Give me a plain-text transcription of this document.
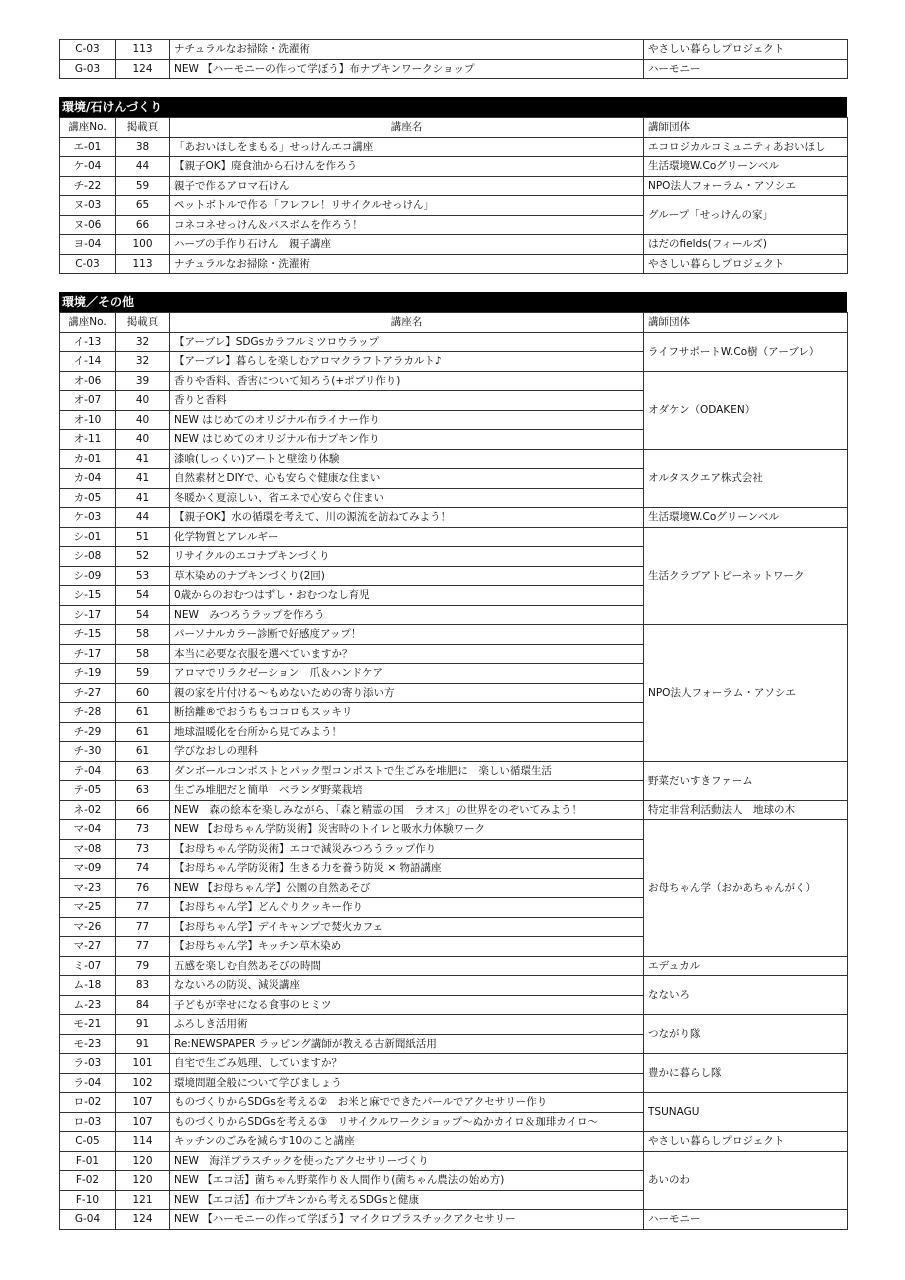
C-03	113	ナチュラルなお掃除・洗濯術	やさしい暮らしプロジェクト
G-03	124	NEW 【ハーモニーの作って学ぼう】布ナプキンワークショップ	ハーモニー
環境/石けんづくり
講座No.	掲載頁	講座名	講師団体
エ-01	38	「あおいほしをまもる」せっけんエコ講座	エコロジカルコミュニティあおいほし
ケ-04	44	【親子OK】廃食油から石けんを作ろう	生活環境W.Coグリーンベル
チ-22	59	親子で作るアロマ石けん	NPO法人フォーラム・アソシエ
ヌ-03	65	ペットボトルで作る「フレフレ！リサイクルせっけん」	グループ「せっけんの家」
ヌ-06	66	コネコネせっけん＆バスボムを作ろう！	
ヨ-04	100	ハーブの手作り石けん　親子講座	はだのfields(フィールズ)
C-03	113	ナチュラルなお掃除・洗濯術	やさしい暮らしプロジェクト
環境／その他
講座No.	掲載頁	講座名	講師団体
イ-13	32	【アーブレ】SDGsカラフルミツロウラップ	ライフサポートW.Co樹（アーブレ）
イ-14	32	【アーブレ】暮らしを楽しむアロマクラフトアラカルト♪	
オ-06	39	香りや香料、香害について知ろう(+ポプリ作り)	オダケン（ODAKEN）
オ-07	40	香りと香料	
オ-10	40	NEW はじめてのオリジナル布ライナー作り	
オ-11	40	NEW はじめてのオリジナル布ナプキン作り	
カ-01	41	漆喰(しっくい)アートと壁塗り体験	オルタスクエア株式会社
カ-04	41	自然素材とDIYで、心も安らぐ健康な住まい	
カ-05	41	冬暖かく夏涼しい、省エネで心安らぐ住まい	
ケ-03	44	【親子OK】水の循環を考えて、川の源流を訪ねてみよう！	生活環境W.Coグリーンベル
シ-01	51	化学物質とアレルギー	生活クラブアトピーネットワーク
シ-08	52	リサイクルのエコナプキンづくり	
シ-09	53	草木染めのナプキンづくり(2回)	
シ-15	54	0歳からのおむつはずし・おむつなし育児	
シ-17	54	NEW　みつろうラップを作ろう	
チ-15	58	パーソナルカラー診断で好感度アップ！	NPO法人フォーラム・アソシエ
チ-17	58	本当に必要な衣服を選べていますか？	
チ-19	59	アロマでリラクゼーション　爪＆ハンドケア	
チ-27	60	親の家を片付ける～もめないための寄り添い方	
チ-28	61	断捨離®でおうちもココロもスッキリ	
チ-29	61	地球温暖化を台所から見てみよう！	
チ-30	61	学びなおしの理科	
テ-04	63	ダンボールコンポストとパック型コンポストで生ごみを堆肥に　楽しい循環生活	野菜だいすきファーム
テ-05	63	生ごみ堆肥だと簡単　ベランダ野菜栽培	
ネ-02	66	NEW　森の絵本を楽しみながら、「森と精霊の国　ラオス」の世界をのぞいてみよう！	特定非営利活動法人　地球の木
マ-04	73	NEW 【お母ちゃん学防災術】災害時のトイレと吸水力体験ワーク	お母ちゃん学（おかあちゃんがく）
マ-08	73	【お母ちゃん学防災術】エコで減災みつろうラップ作り	
マ-09	74	【お母ちゃん学防災術】生きる力を養う防災 × 物語講座	
マ-23	76	NEW 【お母ちゃん学】公園の自然あそび	
マ-25	77	【お母ちゃん学】どんぐりクッキー作り	
マ-26	77	【お母ちゃん学】デイキャンプで焚火カフェ	
マ-27	77	【お母ちゃん学】キッチン草木染め	
ミ-07	79	五感を楽しむ自然あそびの時間	エデュカル
ム-18	83	なないろの防災、減災講座	なないろ
ム-23	84	子どもが幸せになる食事のヒミツ	
モ-21	91	ふろしき活用術	つながり隊
モ-23	91	Re:NEWSPAPER ラッピング講師が教える古新聞紙活用	
ラ-03	101	自宅で生ごみ処理、していますか？	豊かに暮らし隊
ラ-04	102	環境問題全般について学びましょう	
ロ-02	107	ものづくりからSDGsを考える②　お米と麻でできたパールでアクセサリー作り	TSUNAGU
ロ-03	107	ものづくりからSDGsを考える③　リサイクルワークショップ～ぬかカイロ＆珈琲カイロ～	
C-05	114	キッチンのごみを減らす10のこと講座	やさしい暮らしプロジェクト
F-01	120	NEW　海洋プラスチックを使ったアクセサリーづくり	あいのわ
F-02	120	NEW 【エコ活】菌ちゃん野菜作り＆人間作り(菌ちゃん農法の始め方)	
F-10	121	NEW 【エコ活】布ナプキンから考えるSDGsと健康	
G-04	124	NEW 【ハーモニーの作って学ぼう】マイクロプラスチックアクセサリー	ハーモニー
